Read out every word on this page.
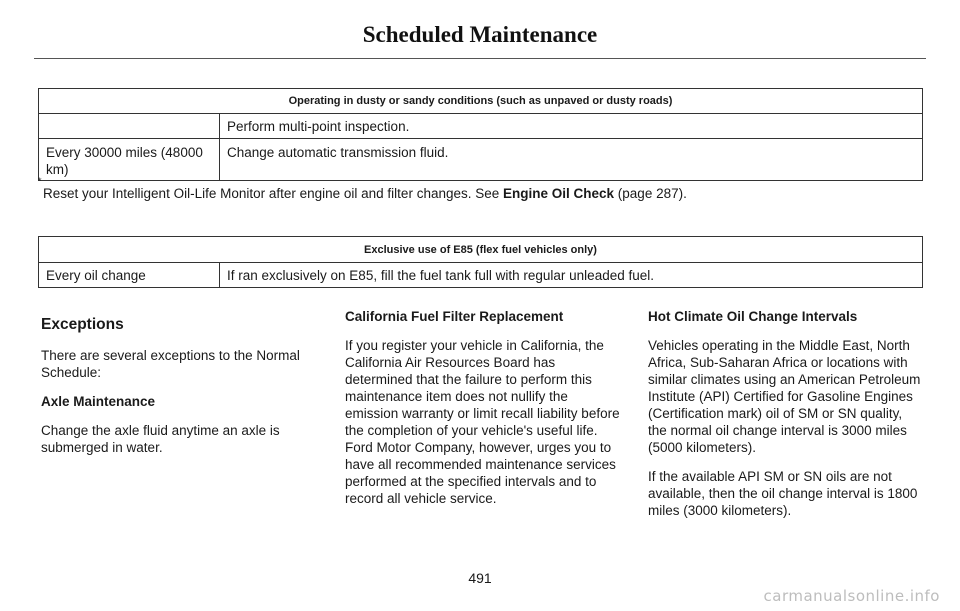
Scheduled Maintenance
Operating in dusty or sandy conditions (such as unpaved or dusty roads)	
	Perform multi-point inspection.
Every 30000 miles (48000 km)	Change automatic transmission fluid.
*
Reset your Intelligent Oil-Life Monitor after engine oil and filter changes. See Engine Oil Check (page 287).
Exclusive use of E85 (flex fuel vehicles only)
Every oil change	If ran exclusively on E85, fill the fuel tank full with regular unleaded fuel.

Exceptions

There are several exceptions to the Normal Schedule:

Axle Maintenance

Change the axle fluid anytime an axle is submerged in water.

California Fuel Filter Replacement

If you register your vehicle in California, the California Air Resources Board has determined that the failure to perform this maintenance item does not nullify the emission warranty or limit recall liability before the completion of your vehicle's useful life. Ford Motor Company, however, urges you to have all recommended maintenance services performed at the specified intervals and to record all vehicle service.

Hot Climate Oil Change Intervals

Vehicles operating in the Middle East, North Africa, Sub-Saharan Africa or locations with similar climates using an American Petroleum Institute (API) Certified for Gasoline Engines (Certification mark) oil of SM or SN quality, the normal oil change interval is 3000 miles (5000 kilometers).

If the available API SM or SN oils are not available, then the oil change interval is 1800 miles (3000 kilometers).

491
carmanualsonline.info
